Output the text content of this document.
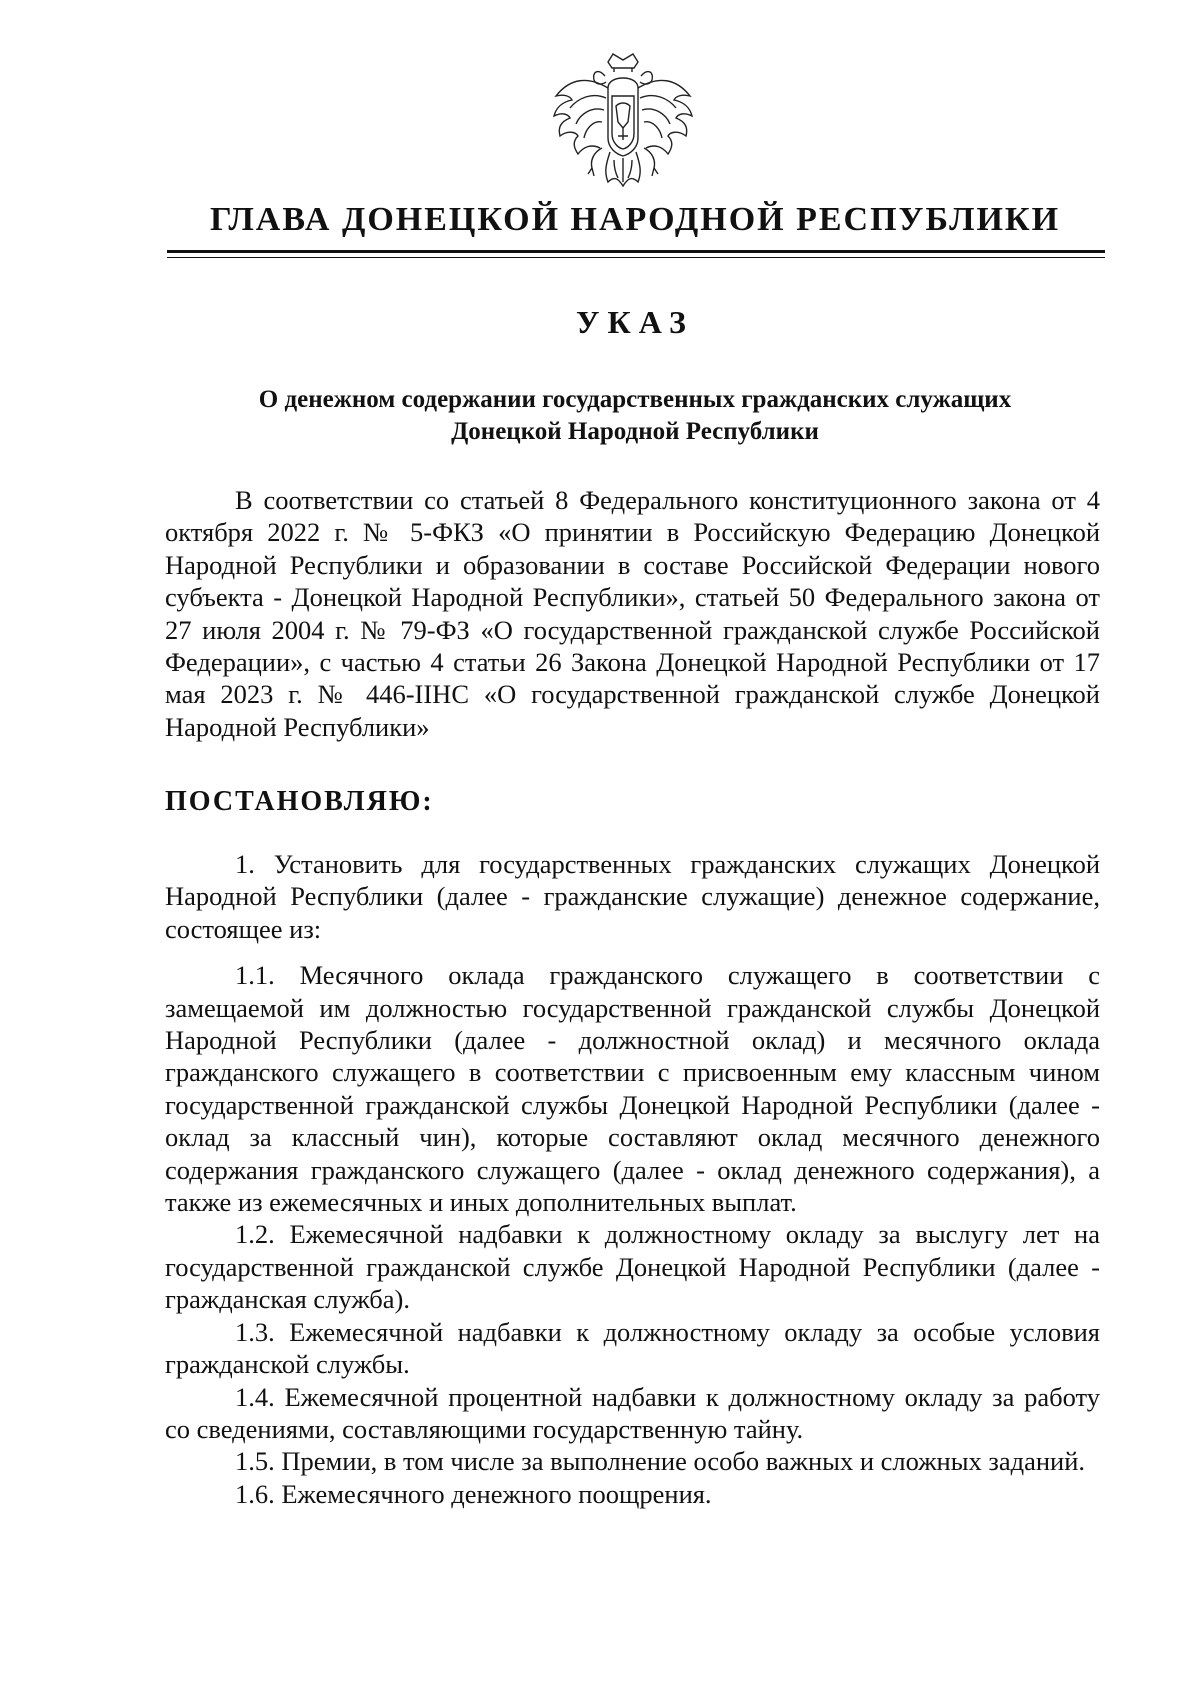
ГЛАВА ДОНЕЦКОЙ НАРОДНОЙ РЕСПУБЛИКИ
УКАЗ
О денежном содержании государственных гражданских служащих
Донецкой Народной Республики

В соответствии со статьей 8 Федерального конституционного закона от 4 октября 2022 г. № 5-ФКЗ «О принятии в Российскую Федерацию Донецкой Народной Республики и образовании в составе Российской Федерации нового субъекта - Донецкой Народной Республики», статьей 50 Федерального закона от 27 июля 2004 г. № 79-ФЗ «О государственной гражданской службе Российской Федерации», с частью 4 статьи 26 Закона Донецкой Народной Республики от 17 мая 2023 г. № 446-IIНС «О государственной гражданской службе Донецкой Народной Республики»

ПОСТАНОВЛЯЮ:

1. Установить для государственных гражданских служащих Донецкой Народной Республики (далее - гражданские служащие) денежное содержание, состоящее из:

1.1. Месячного оклада гражданского служащего в соответствии с замещаемой им должностью государственной гражданской службы Донецкой Народной Республики (далее - должностной оклад) и месячного оклада гражданского служащего в соответствии с присвоенным ему классным чином государственной гражданской службы Донецкой Народной Республики (далее - оклад за классный чин), которые составляют оклад месячного денежного содержания гражданского служащего (далее - оклад денежного содержания), а также из ежемесячных и иных дополнительных выплат.

1.2. Ежемесячной надбавки к должностному окладу за выслугу лет на государственной гражданской службе Донецкой Народной Республики (далее - гражданская служба).

1.3. Ежемесячной надбавки к должностному окладу за особые условия гражданской службы.

1.4. Ежемесячной процентной надбавки к должностному окладу за работу со сведениями, составляющими государственную тайну.

1.5. Премии, в том числе за выполнение особо важных и сложных заданий.

1.6. Ежемесячного денежного поощрения.
